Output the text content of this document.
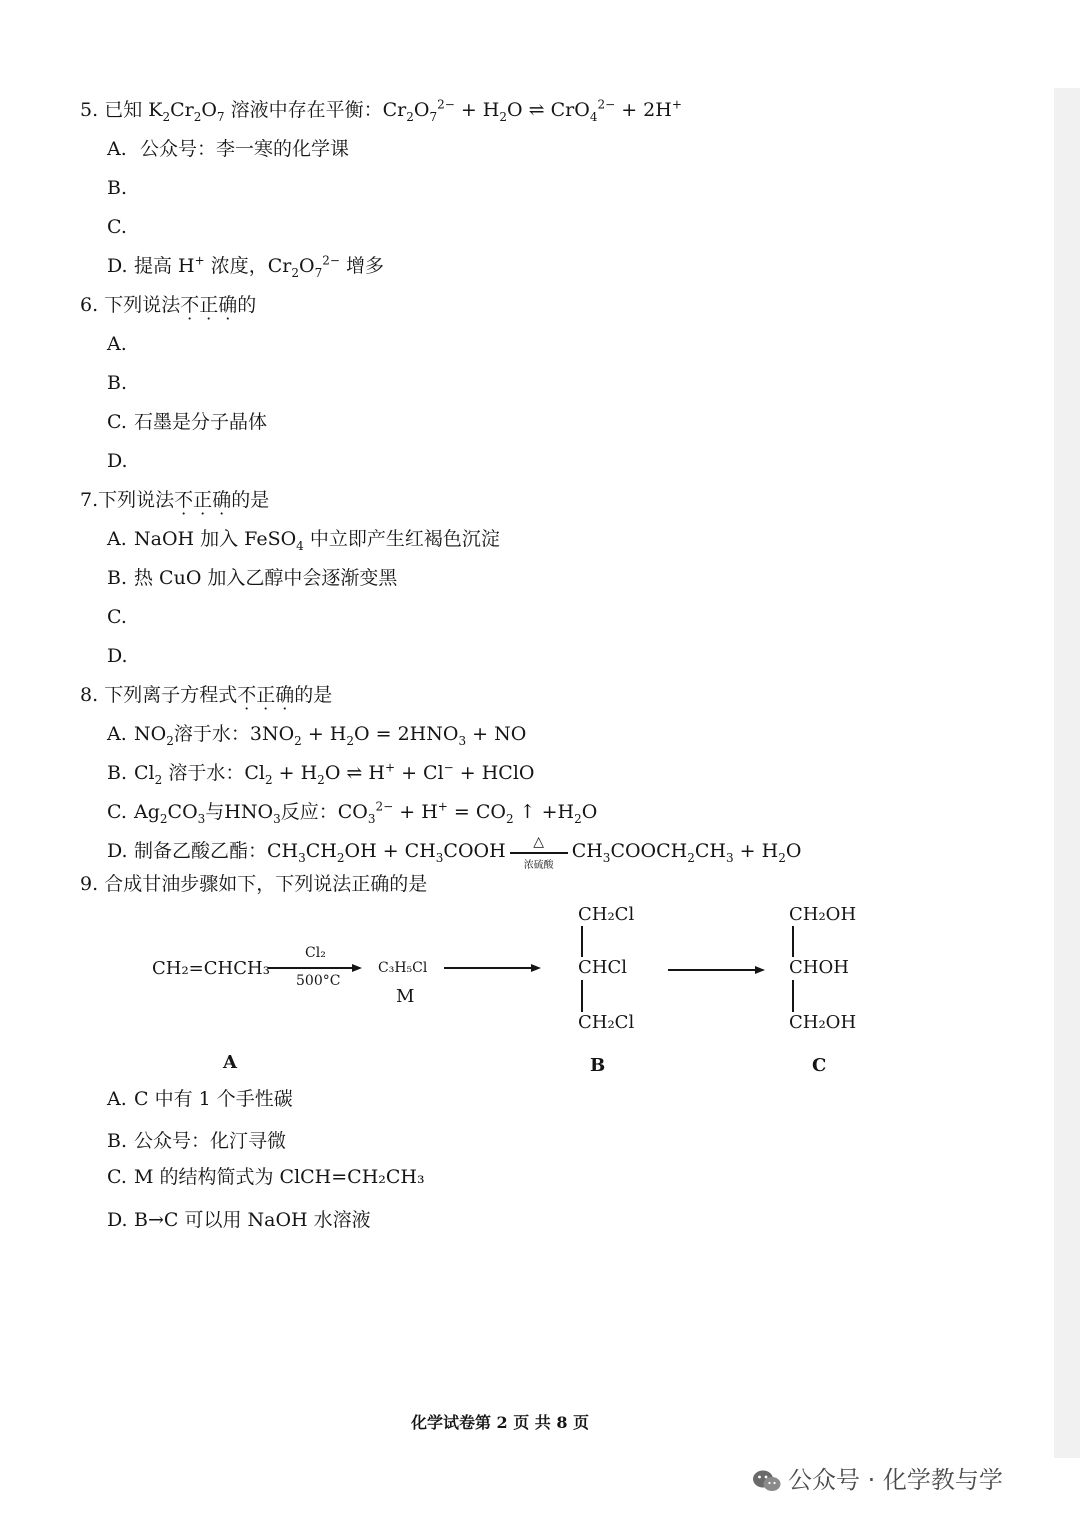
5. 已知 $K_2Cr_2O_7$ 溶液中存在平衡：$Cr_2O_7^{2-} + H_2O$ ⇌ CrO$_4^{2-}$ + 2H+
A. 公众号：李一寒的化学课
B.
C.
D. 提高 H+ 浓度，$Cr_2O_7^{2-}$ 增多
6. 下列说法不正确的
A.
B.
C. 石墨是分子晶体
D.
7.下列说法不正确的是
A. NaOH 加入 FeSO$_4$ 中立即产生红褐色沉淀
B. 热 CuO 加入乙醇中会逐渐变黑
C.
D.
8. 下列离子方程式不正确的是
A. $NO_2$溶于水：$3NO_2 + H_2O = 2HNO_3$ + NO
B. $Cl_2$ 溶于水：$Cl_2 + H_2O$ ⇌ H+ + Cl− + HClO
C. $Ag_2CO_3$与$HNO_3$反应：$CO_3^{2-} + H^+ = CO_2$ ↑ $+H_2O$
D. 制备乙酸乙酯：$CH_3CH_2OH$ + $CH_3COOH$	△
浓硫酸
$CH_3COOCH_2CH_3 + H_2O$
9. 合成甘油步骤如下，下列说法正确的是
CH₂=CHCH₃
Cl₂
500°C
C₃H₅Cl
M
CH₂Cl
CHCl
CH₂Cl
CH₂OH
CHOH
CH₂OH
A	B	C
A. C 中有 1 个手性碳
B. 公众号：化汀寻微
C. M 的结构简式为 ClCH=CH₂CH₃
D. B→C 可以用 NaOH 水溶液
化学试卷第 2 页 共 8 页
公众号 · 化学教与学
